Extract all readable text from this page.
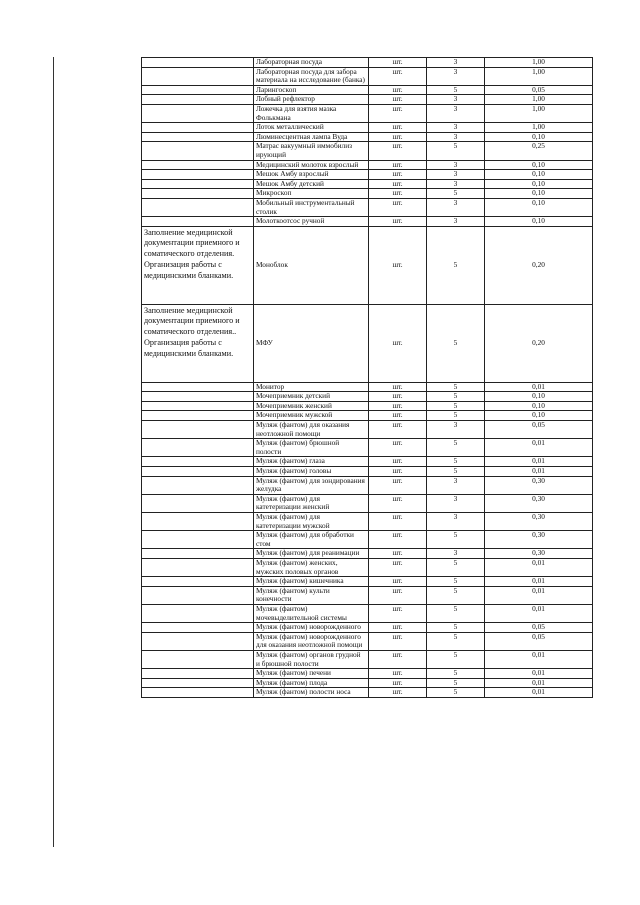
	Лабораторная посуда	шт.	3	1,00
	Лабораторная посуда для забора материала на исследование (банка)	шт.	3	1,00
	Ларингоскоп	шт.	5	0,05
	Лобный рефлектор	шт.	3	1,00
	Ложечка для взятия мазка Фолькмана	шт.	3	1,00
	Лоток металлический	шт.	3	1,00
	Люминесцентная лампа Вуда	шт.	3	0,10
	Матрас вакуумный иммобилиз ирующий	шт.	5	0,25
	Медицинский молоток взрослый	шт.	3	0,10
	Мешок Амбу взрослый	шт.	3	0,10
	Мешок Амбу детский	шт.	3	0,10
	Микроскоп	шт.	5	0,10
	Мобильный инструментальный столик	шт.	3	0,10
	Молоткоотсос ручной	шт.	3	0,10
Заполнение медицинской документации приемного и соматического отделения. Организация работы с медицинскими бланками.	Моноблок	шт.	5	0,20
Заполнение медицинской документации приемного и соматического отделения.. Организация работы с медицинскими бланками.	МФУ	шт.	5	0,20
	Монитор	шт.	5	0,01
	Мочеприемник детский	шт.	5	0,10
	Мочеприемник женский	шт.	5	0,10
	Мочеприемник мужской	шт.	5	0,10
	Муляж (фантом) для оказания неотложной помощи	шт.	3	0,05
	Муляж (фантом) брюшной полости	шт.	5	0,01
	Муляж (фантом) глаза	шт.	5	0,01
	Муляж (фантом) головы	шт.	5	0,01
	Муляж (фантом) для зондирования желудка	шт.	3	0,30
	Муляж (фантом) для катетеризации женский	шт.	3	0,30
	Муляж (фантом) для катетеризации мужской	шт.	3	0,30
	Муляж (фантом) для обработки стом	шт.	5	0,30
	Муляж (фантом) для реанимации	шт.	3	0,30
	Муляж (фантом) женских, мужских половых органов	шт.	5	0,01
	Муляж (фантом) кишечника	шт.	5	0,01
	Муляж (фантом) культи конечности	шт.	5	0,01
	Муляж (фантом) мочевыделительной системы	шт.	5	0,01
	Муляж (фантом) новорожденного	шт.	5	0,05
	Муляж (фантом) новорожденного для оказания неотложной помощи	шт.	5	0,05
	Муляж (фантом) органов грудной и брюшной полости	шт.	5	0,01
	Муляж (фантом) печени	шт.	5	0,01
	Муляж (фантом) плода	шт.	5	0,01
	Муляж (фантом) полости носа	шт.	5	0,01
